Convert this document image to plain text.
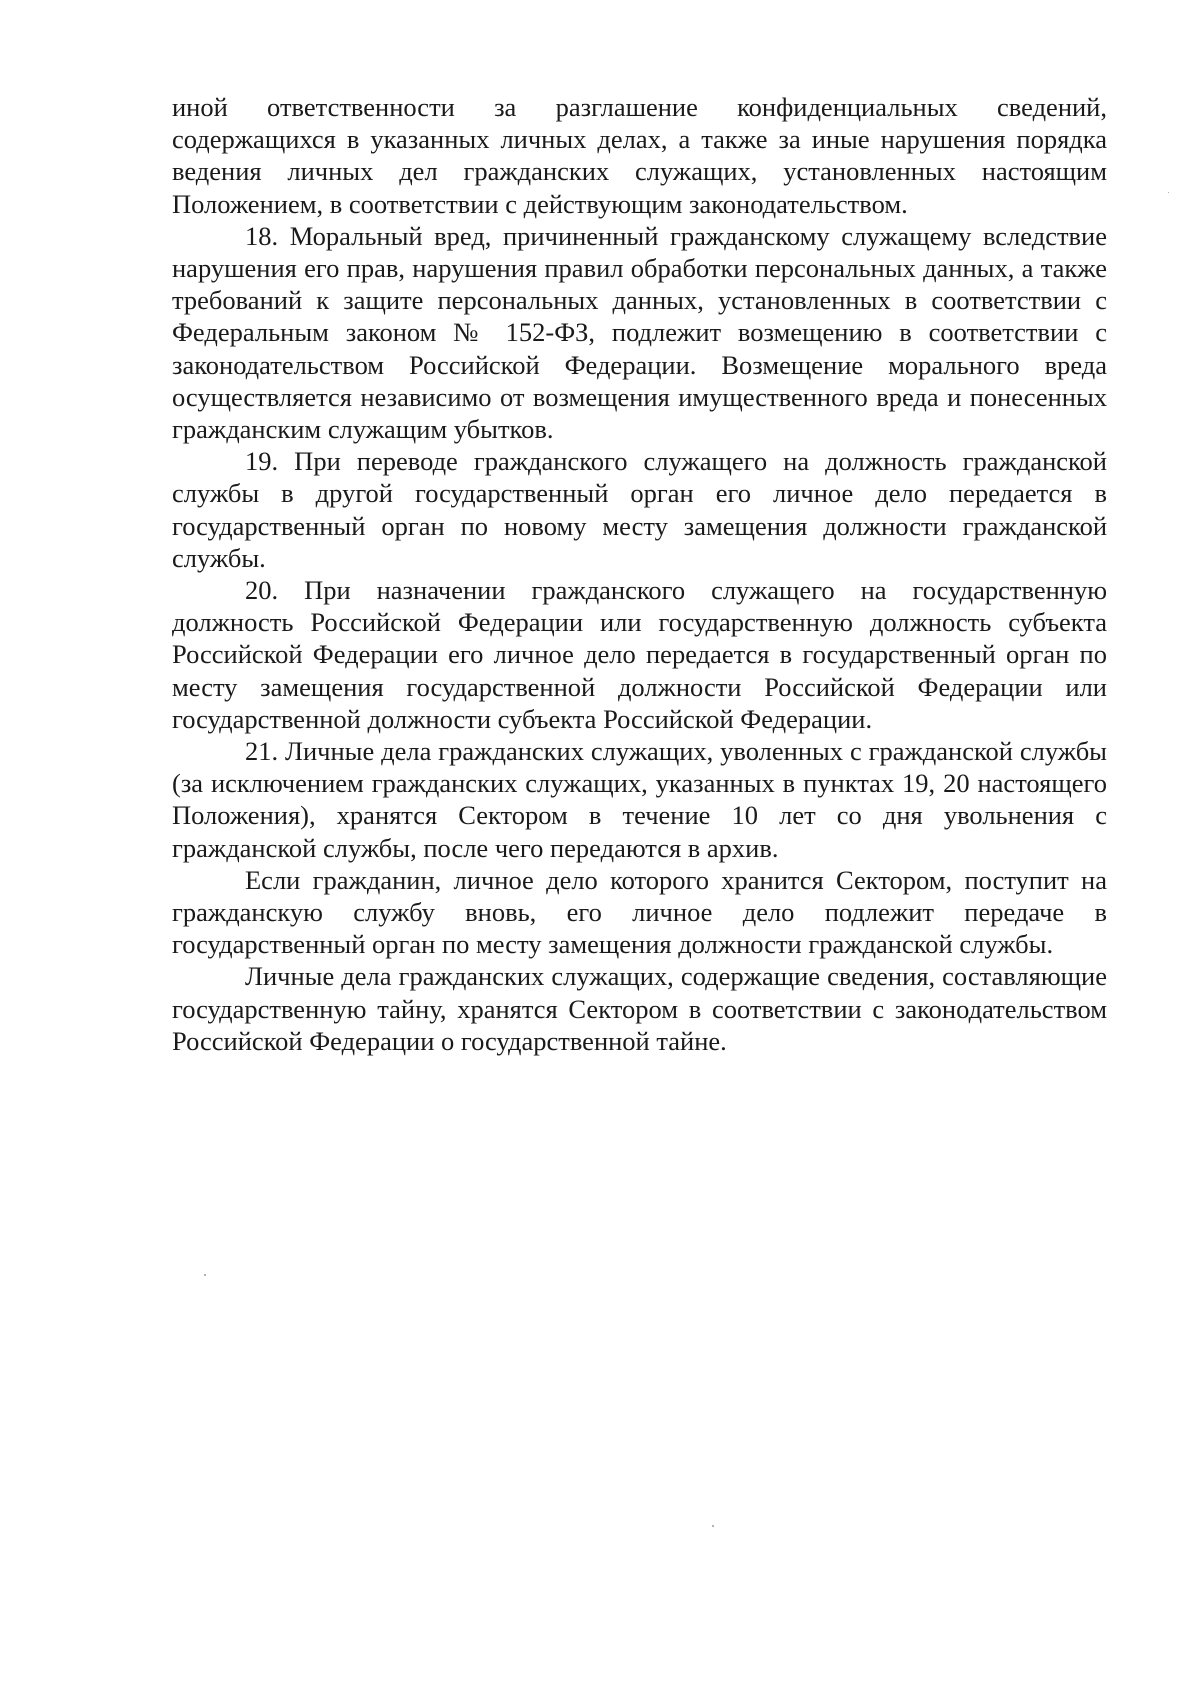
иной ответственности за разглашение конфиденциальных сведений, содержащихся в указанных личных делах, а также за иные нарушения порядка ведения личных дел гражданских служащих, установленных настоящим Положением, в соответствии с действующим законодательством.

18. Моральный вред, причиненный гражданскому служащему вследствие нарушения его прав, нарушения правил обработки персональных данных, а также требований к защите персональных данных, установленных в соответствии с Федеральным законом № 152-ФЗ, подлежит возмещению в соответствии с законодательством Российской Федерации. Возмещение морального вреда осуществляется независимо от возмещения имущественного вреда и понесенных гражданским служащим убытков.

19. При переводе гражданского служащего на должность гражданской службы в другой государственный орган его личное дело передается в государственный орган по новому месту замещения должности гражданской службы.

20. При назначении гражданского служащего на государственную должность Российской Федерации или государственную должность субъекта Российской Федерации его личное дело передается в государственный орган по месту замещения государственной должности Российской Федерации или государственной должности субъекта Российской Федерации.

21. Личные дела гражданских служащих, уволенных с гражданской службы (за исключением гражданских служащих, указанных в пунктах 19, 20 настоящего Положения), хранятся Сектором в течение 10 лет со дня увольнения с гражданской службы, после чего передаются в архив.

Если гражданин, личное дело которого хранится Сектором, поступит на гражданскую службу вновь, его личное дело подлежит передаче в государственный орган по месту замещения должности гражданской службы.

Личные дела гражданских служащих, содержащие сведения, составляющие государственную тайну, хранятся Сектором в соответствии с законодательством Российской Федерации о государственной тайне.
